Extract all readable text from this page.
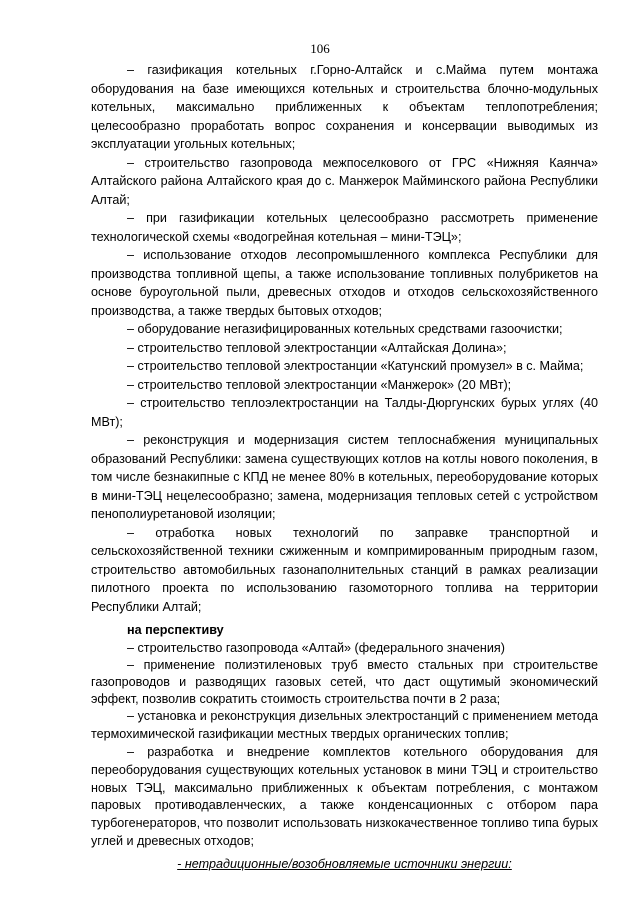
106

– газификация котельных г.Горно-Алтайск и с.Майма путем монтажа оборудования на базе имеющихся котельных и строительства блочно-модульных котельных, максимально приближенных к объектам теплопотребления; целесообразно проработать вопрос сохранения и консервации выводимых из эксплуатации угольных котельных;

– строительство газопровода межпоселкового от ГРС «Нижняя Каянча» Алтайского района Алтайского края до с. Манжерок Майминского района Республики Алтай;

– при газификации котельных целесообразно рассмотреть применение технологической схемы «водогрейная котельная – мини-ТЭЦ»;

– использование отходов лесопромышленного комплекса Республики для производства топливной щепы, а также использование топливных полубрикетов на основе буроугольной пыли, древесных отходов и отходов сельскохозяйственного производства, а также твердых бытовых отходов;

– оборудование негазифицированных котельных средствами газоочистки;

– строительство тепловой электростанции «Алтайская Долина»;

– строительство тепловой электростанции «Катунский промузел» в с. Майма;

– строительство тепловой электростанции «Манжерок» (20 МВт);

– строительство теплоэлектростанции на Талды-Дюргунских бурых углях (40 МВт);

– реконструкция и модернизация систем теплоснабжения муниципальных образований Республики: замена существующих котлов на котлы нового поколения, в том числе безнакипные с КПД не менее 80% в котельных, переоборудование которых в мини-ТЭЦ нецелесообразно; замена, модернизация тепловых сетей с устройством пенополиуретановой изоляции;

– отработка новых технологий по заправке транспортной и сельскохозяйственной техники сжиженным и компримированным природным газом, строительство автомобильных газонаполнительных станций в рамках реализации пилотного проекта по использованию газомоторного топлива на территории Республики Алтай;

на перспективу

– строительство газопровода «Алтай» (федерального значения)

– применение полиэтиленовых труб вместо стальных при строительстве газопроводов и разводящих газовых сетей, что даст ощутимый экономический эффект, позволив сократить стоимость строительства почти в 2 раза;

– установка и реконструкция дизельных электростанций с применением метода термохимической газификации местных твердых органических топлив;

– разработка и внедрение комплектов котельного оборудования для переоборудования существующих котельных установок в мини ТЭЦ и строительство новых ТЭЦ, максимально приближенных к объектам потребления, с монтажом паровых противодавленческих, а также конденсационных с отбором пара турбогенераторов, что позволит использовать низкокачественное топливо типа бурых углей и древесных отходов;

- нетрадиционные/возобновляемые источники энергии:
